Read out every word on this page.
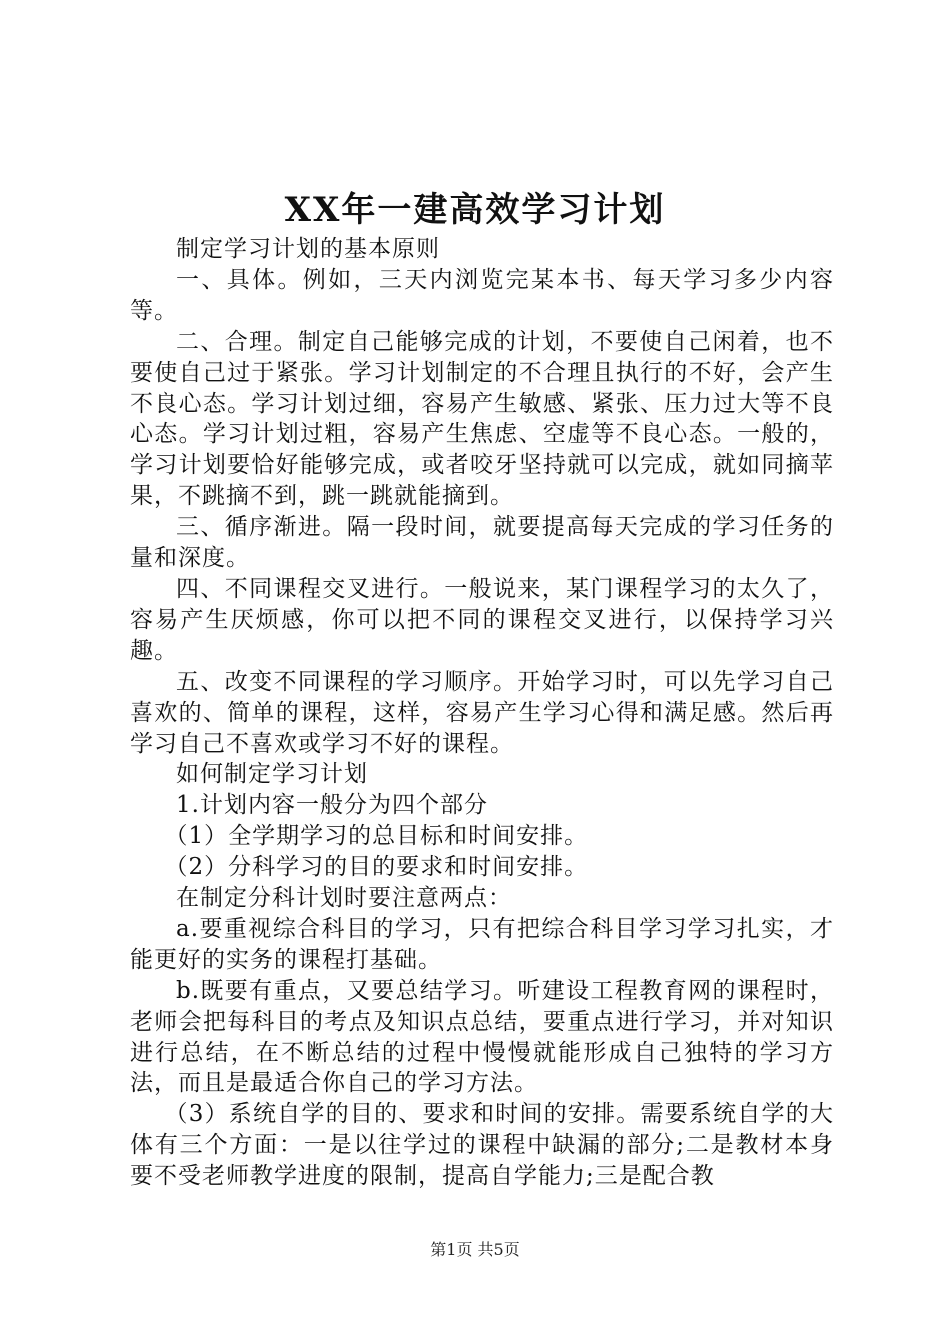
XX年一建高效学习计划

制定学习计划的基本原则

一、具体。例如，三天内浏览完某本书、每天学习多少内容等。

二、合理。制定自己能够完成的计划，不要使自己闲着，也不要使自己过于紧张。学习计划制定的不合理且执行的不好，会产生不良心态。学习计划过细，容易产生敏感、紧张、压力过大等不良心态。学习计划过粗，容易产生焦虑、空虚等不良心态。一般的，学习计划要恰好能够完成，或者咬牙坚持就可以完成，就如同摘苹果，不跳摘不到，跳一跳就能摘到。

三、循序渐进。隔一段时间，就要提高每天完成的学习任务的量和深度。

四、不同课程交叉进行。一般说来，某门课程学习的太久了，容易产生厌烦感，你可以把不同的课程交叉进行，以保持学习兴趣。

五、改变不同课程的学习顺序。开始学习时，可以先学习自己喜欢的、简单的课程，这样，容易产生学习心得和满足感。然后再学习自己不喜欢或学习不好的课程。

如何制定学习计划

1.计划内容一般分为四个部分

（1）全学期学习的总目标和时间安排。

（2）分科学习的目的要求和时间安排。

在制定分科计划时要注意两点：

a.要重视综合科目的学习，只有把综合科目学习学习扎实，才能更好的实务的课程打基础。

b.既要有重点，又要总结学习。听建设工程教育网的课程时，老师会把每科目的考点及知识点总结，要重点进行学习，并对知识进行总结，在不断总结的过程中慢慢就能形成自己独特的学习方法，而且是最适合你自己的学习方法。

（3）系统自学的目的、要求和时间的安排。需要系统自学的大体有三个方面：一是以往学过的课程中缺漏的部分;二是教材本身要不受老师教学进度的限制，提高自学能力;三是配合教

第1页 共5页
